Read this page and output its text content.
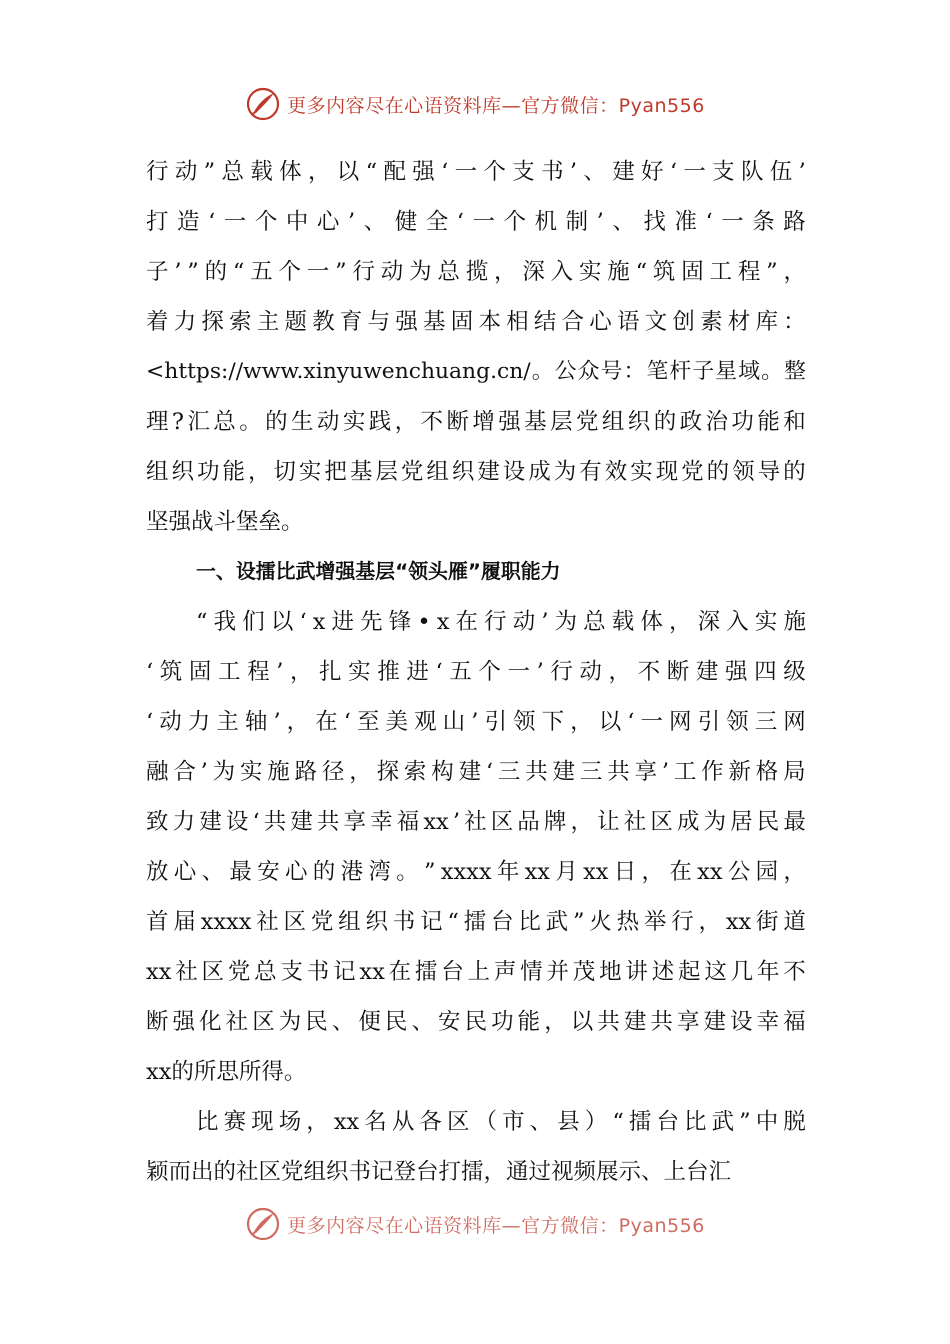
更多内容尽在心语资料库—官方微信：Pyan556
行 动 ” 总 载 体 ， 以 “ 配 强 ‘ 一 个 支 书 ’ 、 建 好 ‘ 一 支 队 伍 ’
打 造 ‘ 一 个 中 心 ’ 、 健 全 ‘ 一 个 机 制 ’ 、 找 准 ‘ 一 条 路
子 ’ ” 的 “ 五 个 一 ” 行 动 为 总 揽 ， 深 入 实 施 “ 筑 固 工 程 ” ，
着 力 探 索 主 题 教 育 与 强 基 固 本 相 结 合 心 语 文 创 素 材 库 ：
<https://www.xinyuwenchuang.cn/ 。 公 众 号 ： 笔 杆 子 星 域 。 整
理 ? 汇 总 。 的 生 动 实 践 ， 不 断 增 强 基 层 党 组 织 的 政 治 功 能 和
组 织 功 能 ， 切 实 把 基 层 党 组 织 建 设 成 为 有 效 实 现 党 的 领 导 的
坚强战斗堡垒。
一、设擂比武增强基层“领头雁”履职能力
“ 我 们 以 ‘ x 进 先 锋 • x 在 行 动 ’ 为 总 载 体 ， 深 入 实 施
‘ 筑 固 工 程 ’ ， 扎 实 推 进 ‘ 五 个 一 ’ 行 动 ， 不 断 建 强 四 级
‘ 动 力 主 轴 ’ ， 在 ‘ 至 美 观 山 ’ 引 领 下 ， 以 ‘ 一 网 引 领 三 网
融 合 ’ 为 实 施 路 径 ， 探 索 构 建 ‘ 三 共 建 三 共 享 ’ 工 作 新 格 局
致 力 建 设 ‘ 共 建 共 享 幸 福 xx ’ 社 区 品 牌 ， 让 社 区 成 为 居 民 最
放 心 、 最 安 心 的 港 湾 。 ” xxxx 年 xx 月 xx 日 ， 在 xx 公 园 ，
首 届 xxxx 社 区 党 组 织 书 记 “ 擂 台 比 武 ” 火 热 举 行 ， xx 街 道
xx 社 区 党 总 支 书 记 xx 在 擂 台 上 声 情 并 茂 地 讲 述 起 这 几 年 不
断 强 化 社 区 为 民 、 便 民 、 安 民 功 能 ， 以 共 建 共 享 建 设 幸 福
xx的所思所得。
比 赛 现 场 ， xx 名 从 各 区 （ 市 、 县 ） “ 擂 台 比 武 ” 中 脱
颖而出的社区党组织书记登台打擂，通过视频展示、上台汇
更多内容尽在心语资料库—官方微信：Pyan556
